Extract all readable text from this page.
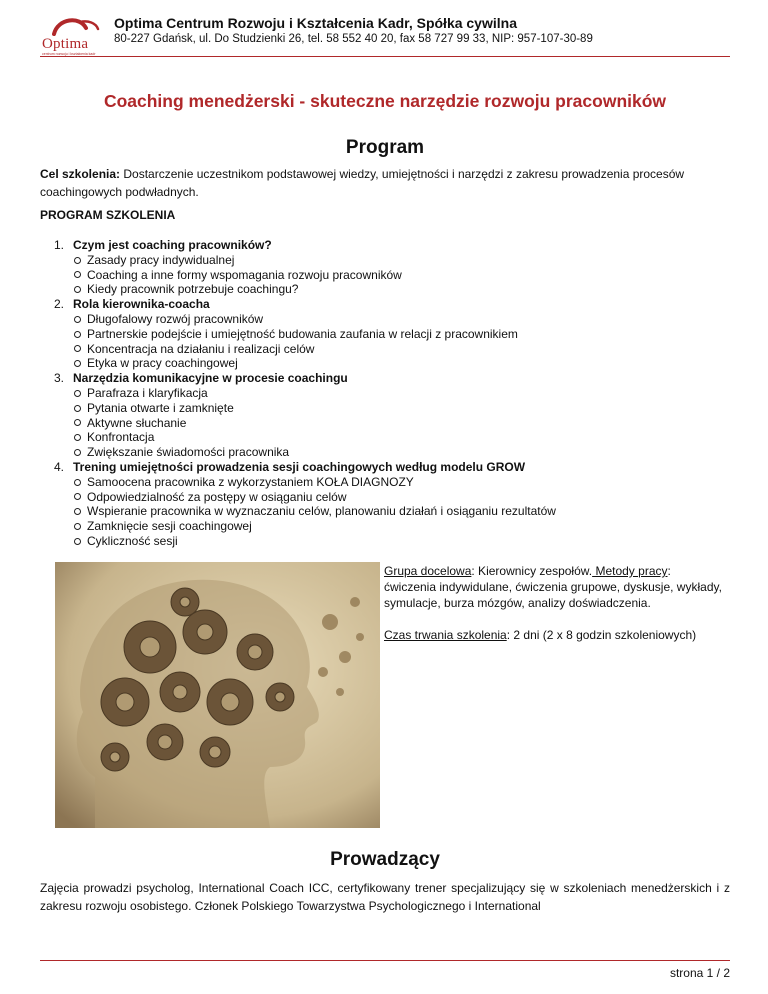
Optima
centrum rozwoju i kształcenia kadr
Optima Centrum Rozwoju i Kształcenia Kadr, Spółka cywilna
80-227 Gdańsk, ul. Do Studzienki 26, tel. 58 552 40 20, fax 58 727 99 33, NIP: 957-107-30-89
Coaching menedżerski - skuteczne narzędzie rozwoju pracowników
Program
Cel szkolenia: Dostarczenie uczestnikom podstawowej wiedzy, umiejętności i narzędzi z zakresu prowadzenia procesów coachingowych podwładnych.
PROGRAM SZKOLENIA
1. Czym jest coaching pracowników?
Zasady pracy indywidualnej
Coaching a inne formy wspomagania rozwoju pracowników
Kiedy pracownik potrzebuje coachingu?
2. Rola kierownika-coacha
Długofalowy rozwój pracowników
Partnerskie podejście i umiejętność budowania zaufania w relacji z pracownikiem
Koncentracja na działaniu i realizacji celów
Etyka w pracy coachingowej
3. Narzędzia komunikacyjne w procesie coachingu
Parafraza i klaryfikacja
Pytania otwarte i zamknięte
Aktywne słuchanie
Konfrontacja
Zwiększanie świadomości pracownika
4. Trening umiejętności prowadzenia sesji coachingowych według modelu GROW
Samoocena pracownika z wykorzystaniem KOŁA DIAGNOZY
Odpowiedzialność za postępy w osiąganiu celów
Wspieranie pracownika w wyznaczaniu celów, planowaniu działań i osiąganiu rezultatów
Zamknięcie sesji coachingowej
Cykliczność sesji

Grupa docelowa: Kierownicy zespołów. Metody pracy: ćwiczenia indywidulane, ćwiczenia grupowe, dyskusje, wykłady, symulacje, burza mózgów, analizy doświadczenia.

Czas trwania szkolenia: 2 dni (2 x 8 godzin szkoleniowych)

Prowadzący
Zajęcia prowadzi psycholog, International Coach ICC, certyfikowany trener specjalizujący się w szkoleniach menedżerskich i z zakresu rozwoju osobistego. Członek Polskiego Towarzystwa Psychologicznego i International
strona 1 / 2
